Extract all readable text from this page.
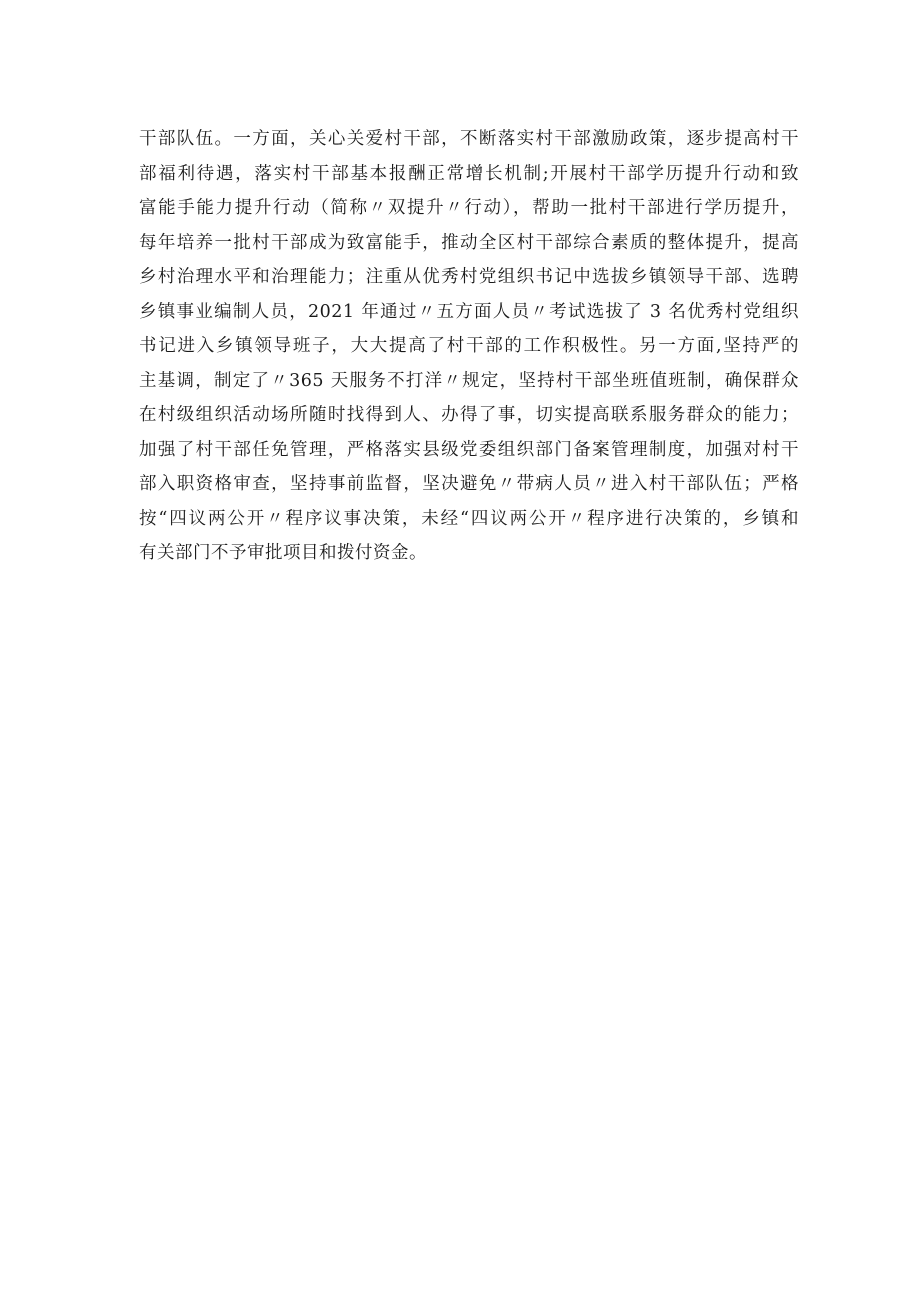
干部队伍。一方面，关心关爱村干部，不断落实村干部激励政策，逐步提高村干
部福利待遇，落实村干部基本报酬正常增长机制;开展村干部学历提升行动和致
富能手能力提升行动（简称〃双提升〃行动），帮助一批村干部进行学历提升，
每年培养一批村干部成为致富能手，推动全区村干部综合素质的整体提升，提高
乡村治理水平和治理能力；注重从优秀村党组织书记中选拔乡镇领导干部、选聘
乡镇事业编制人员，2021 年通过〃五方面人员〃考试选拔了 3 名优秀村党组织
书记进入乡镇领导班子，大大提高了村干部的工作积极性。另一方面,坚持严的
主基调，制定了〃365 天服务不打洋〃规定，坚持村干部坐班值班制，确保群众
在村级组织活动场所随时找得到人、办得了事，切实提高联系服务群众的能力；
加强了村干部任免管理，严格落实县级党委组织部门备案管理制度，加强对村干
部入职资格审查，坚持事前监督，坚决避免〃带病人员〃进入村干部队伍；严格
按“四议两公开〃程序议事决策，未经“四议两公开〃程序进行决策的，乡镇和
有关部门不予审批项目和拨付资金。
